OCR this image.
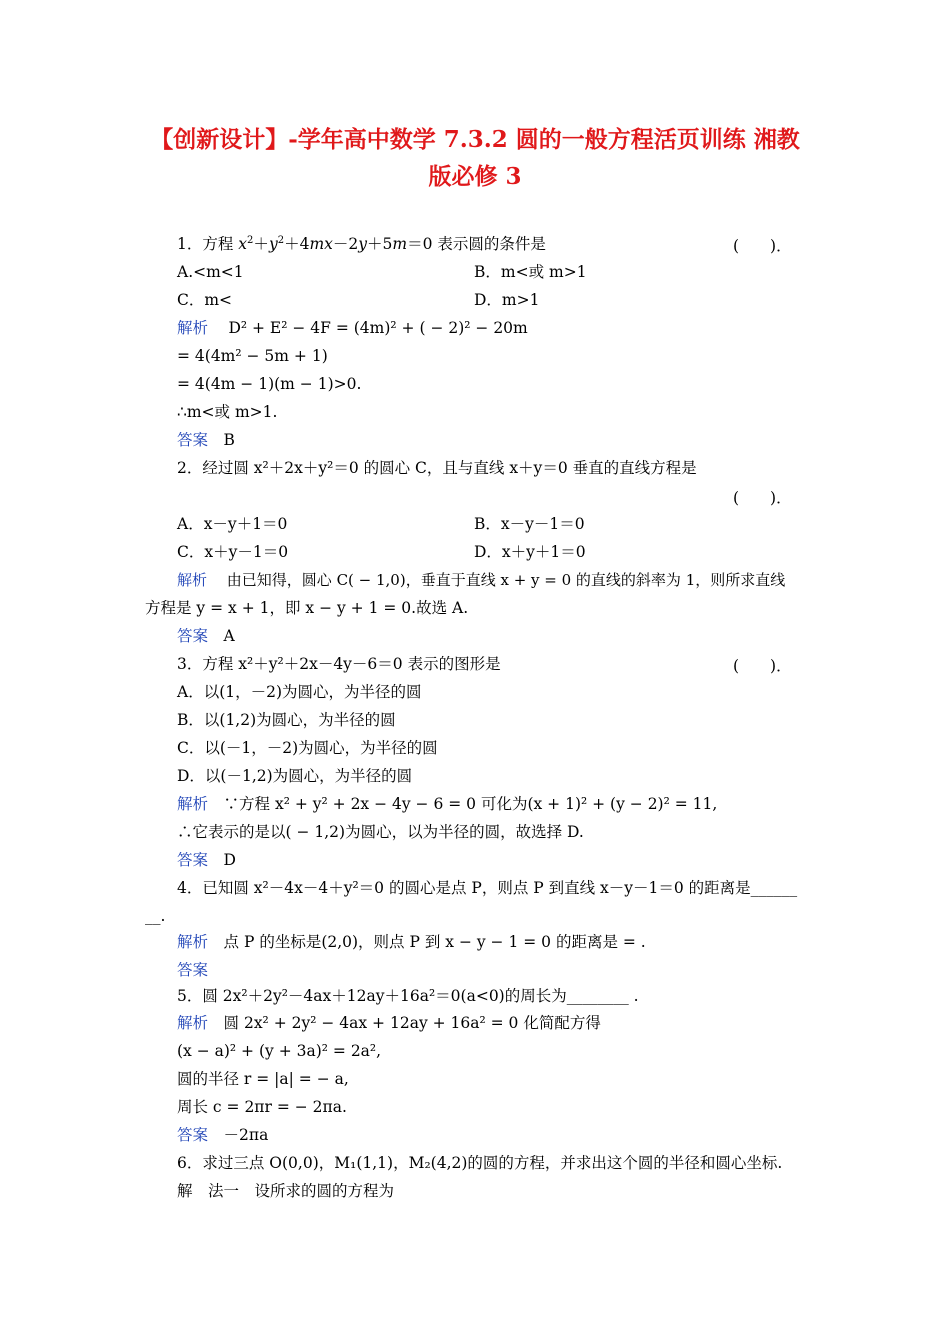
【创新设计】-学年高中数学 7.3.2 圆的一般方程活页训练 湘教
版必修 3
1．方程 $x^2+y^2+4mx-2y+5m=0$ 表示圆的条件是	(　　)．
A.<m<1	B．m<或 m>1
C．m<	D．m>1
解析　 D² + E² − 4F = (4m)² + ( − 2)² − 20m
= 4(4m² − 5m + 1)
= 4(4m − 1)(m − 1)>0.
∴m<或 m>1.
答案　 B
2．经过圆 x²＋2x＋y²＝0 的圆心 C，且与直线 x＋y＝0 垂直的直线方程是
(　　)．
A．x－y＋1＝0	B．x－y－1＝0
C．x＋y－1＝0	D．x＋y＋1＝0
解析　 由已知得，圆心 C( − 1,0)，垂直于直线 x + y = 0 的直线的斜率为 1，则所求直线
方程是 y = x + 1，即 x − y + 1 = 0.故选 A.
答案　 A
3．方程 x²＋y²＋2x－4y－6＝0 表示的图形是	(　　)．
A．以(1，－2)为圆心，为半径的圆
B．以(1,2)为圆心，为半径的圆
C．以(－1，－2)为圆心，为半径的圆
D．以(－1,2)为圆心，为半径的圆
解析　 ∵方程 x² + y² + 2x − 4y − 6 = 0 可化为(x + 1)² + (y − 2)² = 11,
∴它表示的是以( − 1,2)为圆心，以为半径的圆，故选择 D.
答案　 D
4．已知圆 x²－4x－4＋y²＝0 的圆心是点 P，则点 P 到直线 x－y－1＝0 的距离是______
__.
解析　 点 P 的坐标是(2,0)，则点 P 到 x − y − 1 = 0 的距离是 = .
答案　
5．圆 2x²＋2y²－4ax＋12ay＋16a²＝0(a<0)的周长为________ .
解析　 圆 2x² + 2y² − 4ax + 12ay + 16a² = 0 化简配方得
(x − a)² + (y + 3a)² = 2a²,
圆的半径 r = |a| = − a,
周长 c = 2πr = − 2πa.
答案　 －2πa
6．求过三点 O(0,0)，M₁(1,1)，M₂(4,2)的圆的方程，并求出这个圆的半径和圆心坐标.
解　 法一　设所求的圆的方程为
